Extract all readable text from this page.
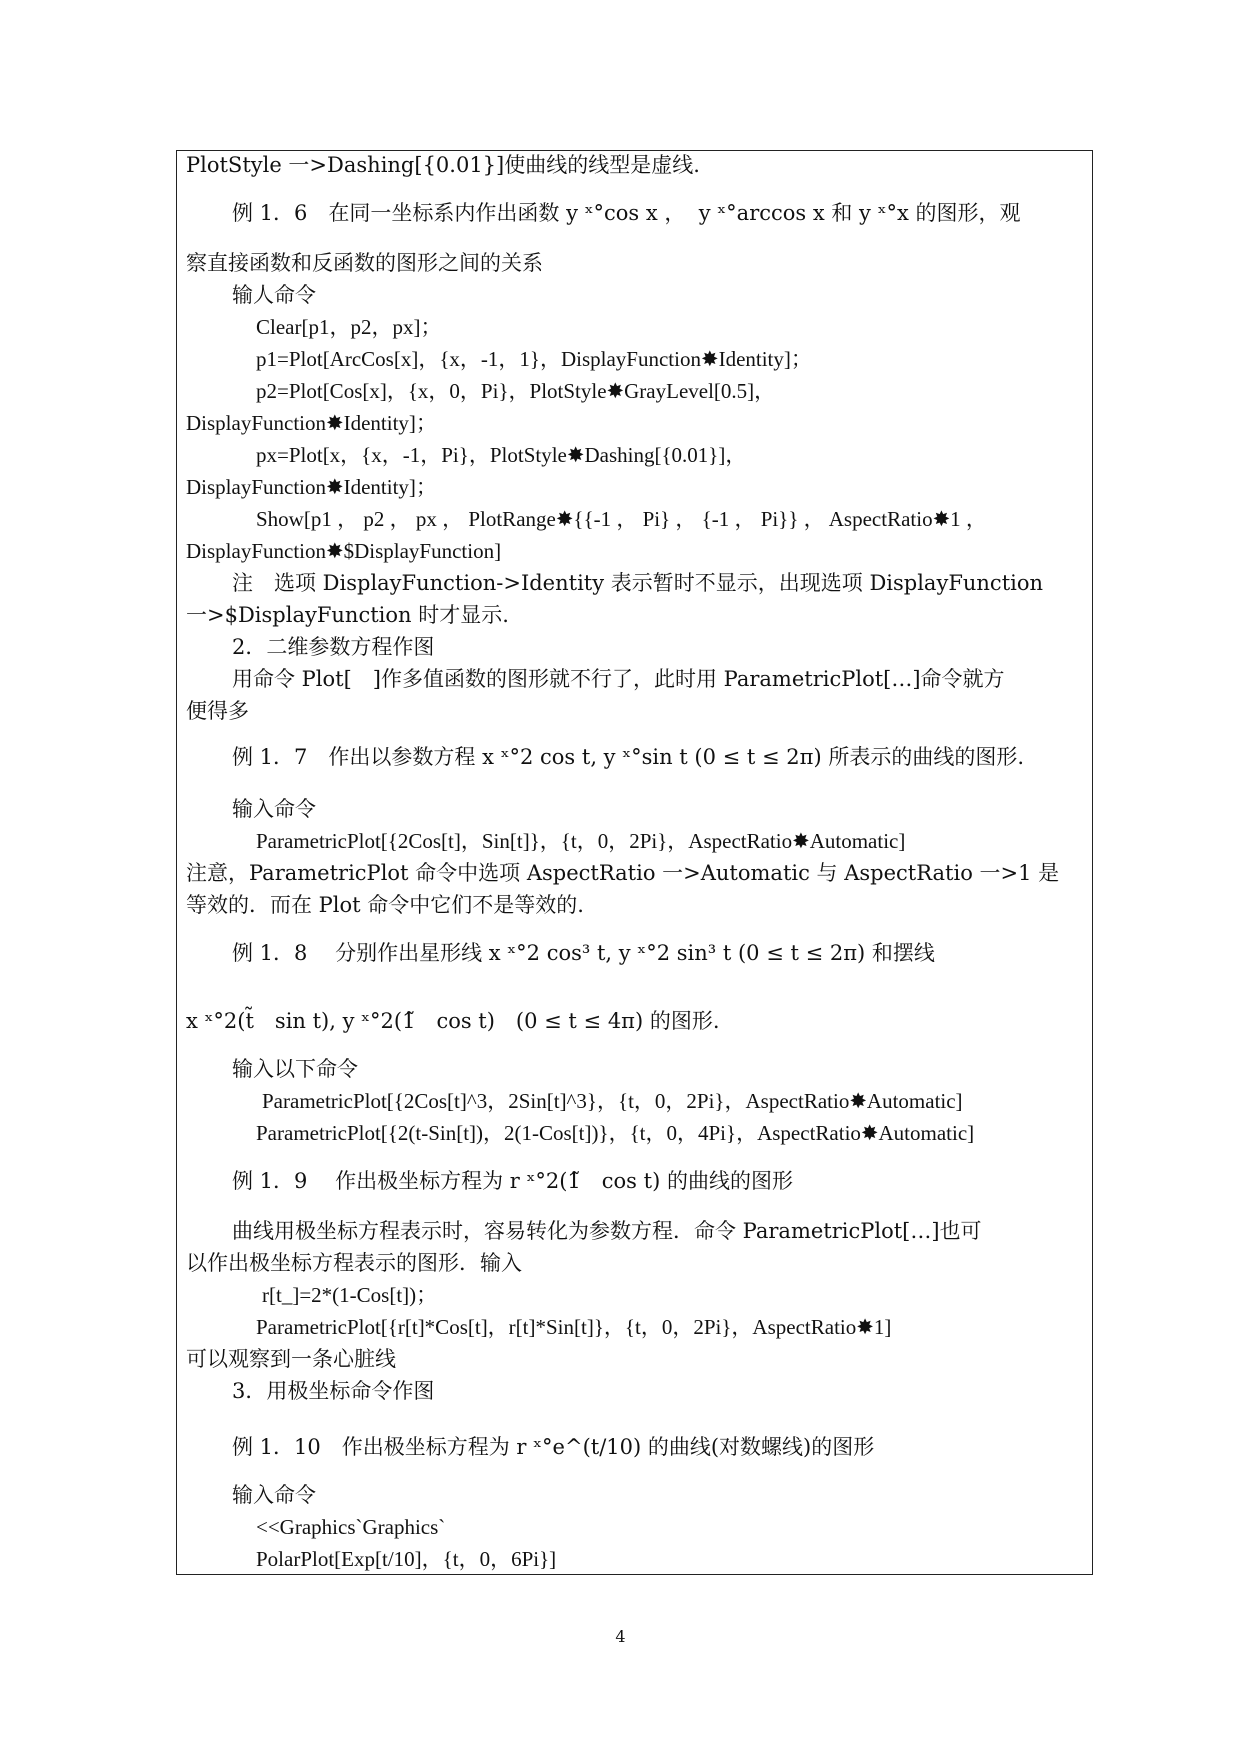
PlotStyle 一>Dashing[{0.01}]使曲线的线型是虚线.
例 1．6　在同一坐标系内作出函数 y ˣ°cos x ，  y ˣ°arccos x 和 y ˣ°x 的图形，观
察直接函数和反函数的图形之间的关系
输人命令
Clear[p1，p2，px]；
p1=Plot[ArcCos[x]，{x，-1，1}，DisplayFunction✸Identity]；
p2=Plot[Cos[x]，{x，0，Pi}，PlotStyle✸GrayLevel[0.5]，
DisplayFunction✸Identity]；
px=Plot[x，{x，-1，Pi}，PlotStyle✸Dashing[{0.01}]，
DisplayFunction✸Identity]；
Show[p1 ， p2 ， px ， PlotRange✸{{-1 ， Pi} ， {-1 ， Pi}} ， AspectRatio✸1 ，
DisplayFunction✸$DisplayFunction]
注　选项 DisplayFunction->Identity 表示暂时不显示，出现选项 DisplayFunction
一>$DisplayFunction 时才显示.
2．二维参数方程作图
用命令 Plot[　]作多值函数的图形就不行了，此时用 ParametricPlot[…]命令就方
便得多
例 1．7　作出以参数方程 x ˣ°2 cos t, y ˣ°sin t (0 ≤ t ≤ 2π) 所表示的曲线的图形.
输入命令
ParametricPlot[{2Cos[t]，Sin[t]}，{t，0，2Pi}，AspectRatio✸Automatic]
注意，ParametricPlot 命令中选项 AspectRatio 一>Automatic 与 AspectRatio 一>1 是
等效的．而在 Plot 命令中它们不是等效的.
例 1．8　 分别作出星形线 x ˣ°2 cos³ t, y ˣ°2 sin³ t (0 ≤ t ≤ 2π) 和摆线
x ˣ°2(t̃　sin t), y ˣ°2(1̃　cos t)　(0 ≤ t ≤ 4π) 的图形.
输入以下命令
ParametricPlot[{2Cos[t]^3，2Sin[t]^3}，{t，0，2Pi}，AspectRatio✸Automatic]
ParametricPlot[{2(t-Sin[t])，2(1-Cos[t])}，{t，0，4Pi}，AspectRatio✸Automatic]
例 1．9　 作出极坐标方程为 r ˣ°2(1̃　cos t) 的曲线的图形
曲线用极坐标方程表示时，容易转化为参数方程．命令 ParametricPlot[…]也可
以作出极坐标方程表示的图形．输入
r[t_]=2*(1-Cos[t])；
ParametricPlot[{r[t]*Cos[t]，r[t]*Sin[t]}，{t，0，2Pi}，AspectRatio✸1]
可以观察到一条心脏线
3．用极坐标命令作图
例 1．10　作出极坐标方程为 r ˣ°e^(t/10) 的曲线(对数螺线)的图形
输入命令
<<Graphics`Graphics`
PolarPlot[Exp[t/10]，{t，0，6Pi}]
4
